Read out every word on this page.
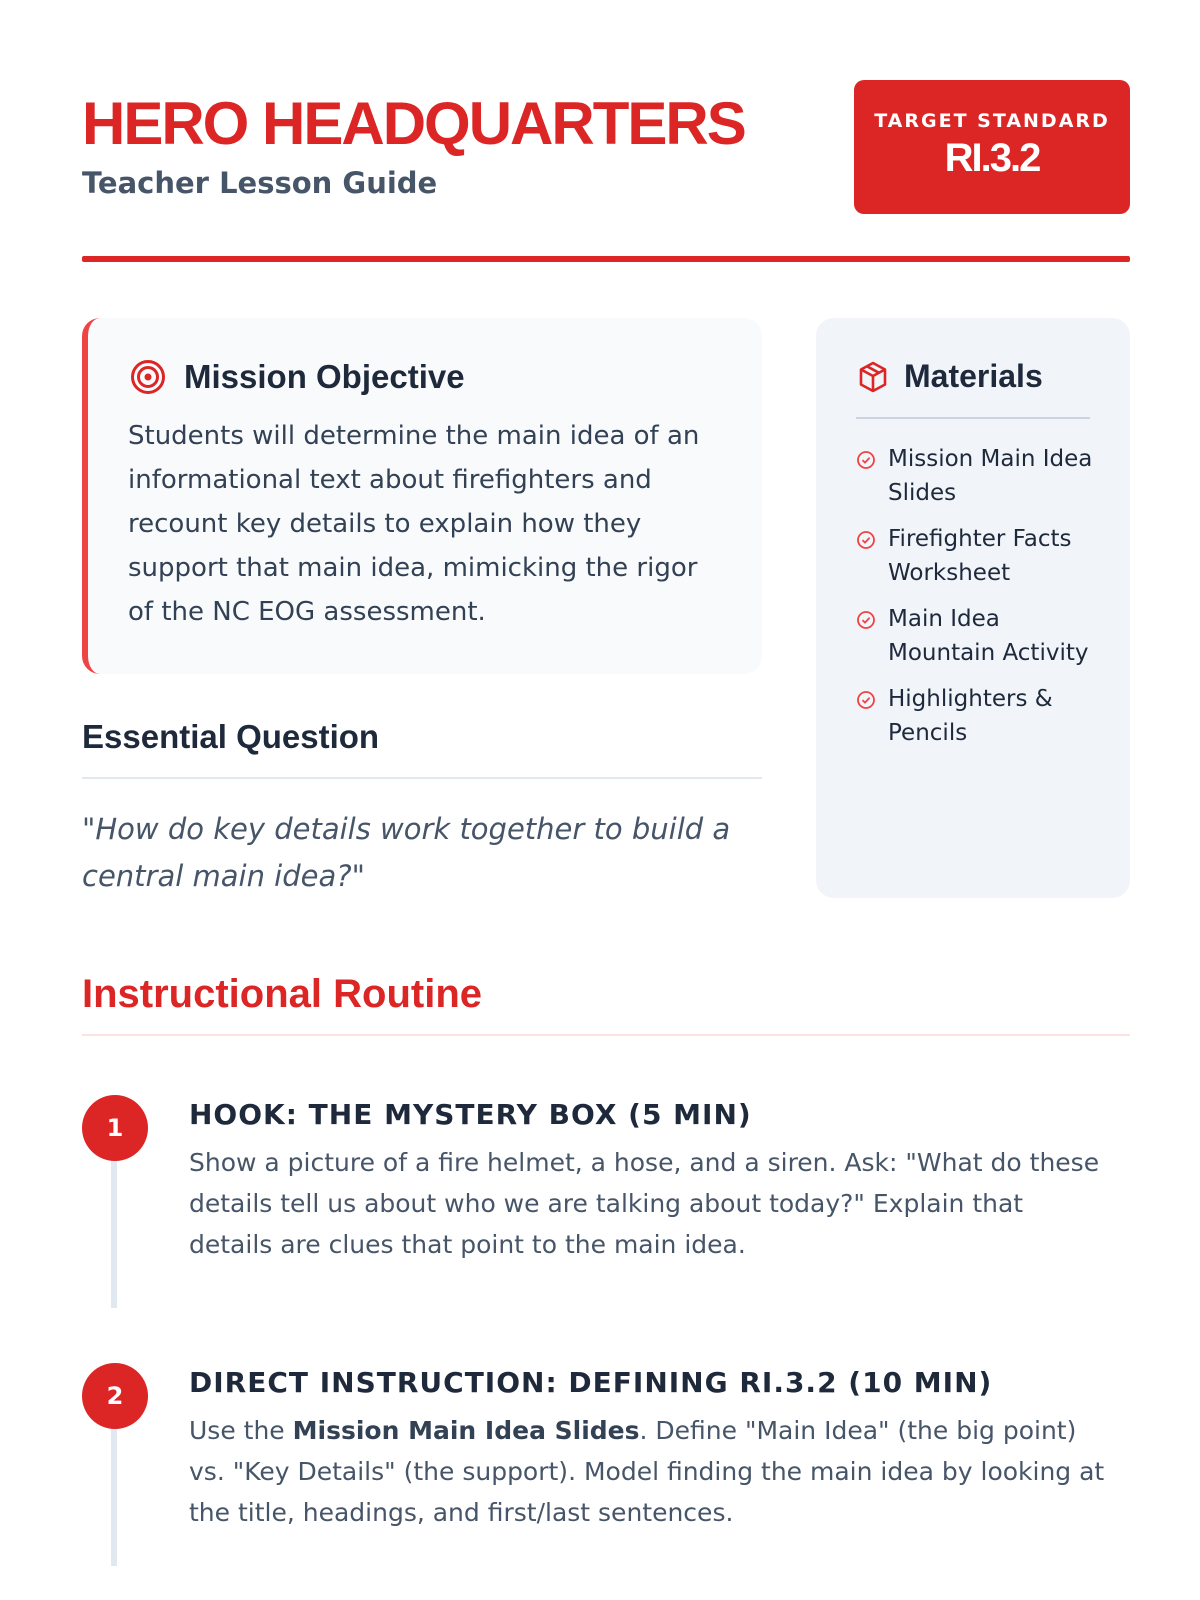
HERO HEADQUARTERS
Teacher Lesson Guide
TARGET STANDARD
RI.3.2
Mission Objective

Students will determine the main idea of an informational text about firefighters and recount key details to explain how they support that main idea, mimicking the rigor of the NC EOG assessment.

Essential Question

"How do key details work together to build a central main idea?"

Materials
Mission Main Idea Slides
Firefighter Facts Worksheet
Main Idea Mountain Activity
Highlighters & Pencils
Instructional Routine
1	HOOK: THE MYSTERY BOX (5 MIN)

Show a picture of a fire helmet, a hose, and a siren. Ask: "What do these details tell us about who we are talking about today?" Explain that details are clues that point to the main idea.

2	DIRECT INSTRUCTION: DEFINING RI.3.2 (10 MIN)

Use the Mission Main Idea Slides. Define "Main Idea" (the big point) vs. "Key Details" (the support). Model finding the main idea by looking at the title, headings, and first/last sentences.
